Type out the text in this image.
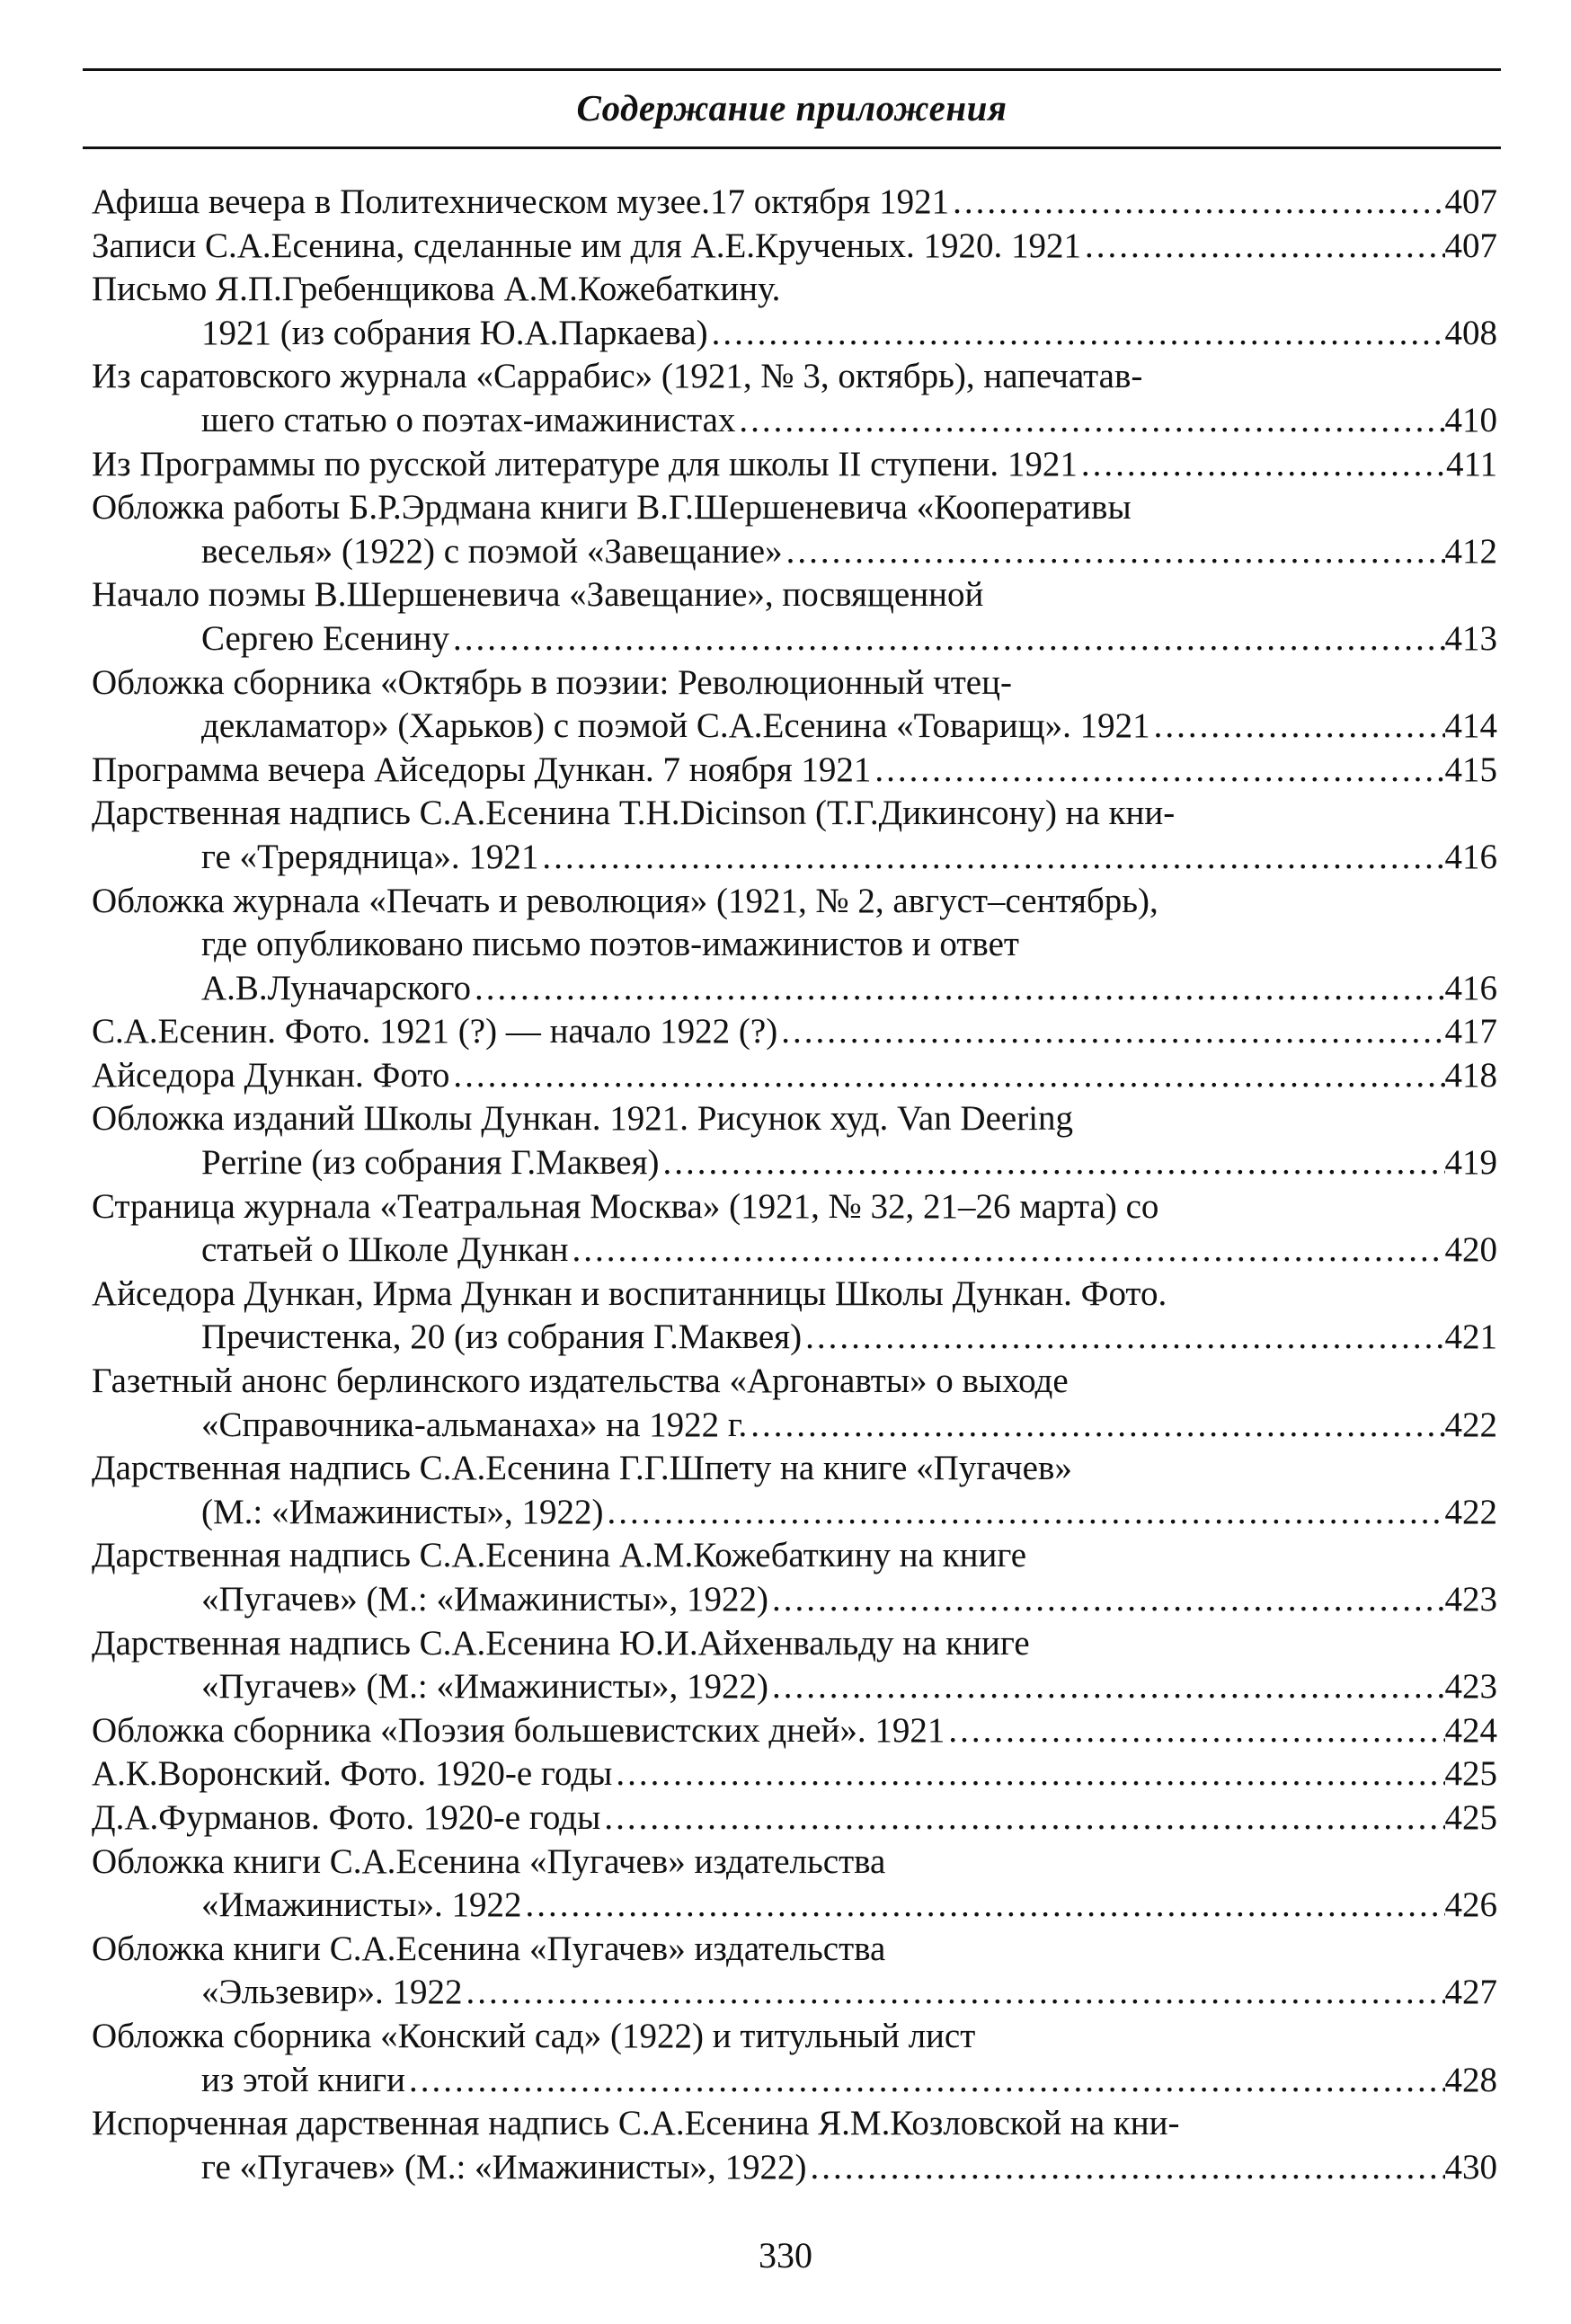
Содержание приложения
Афиша вечера в Политехническом музее.17 октября 1921 .....	407
Записи С.А.Есенина, сделанные им для А.Е.Крученых. 1920. 1921 .....	407
Письмо Я.П.Гребенщикова А.М.Кожебаткину.
1921 (из собрания Ю.А.Паркаева) .....	408
Из саратовского журнала «Саррабис» (1921, № 3, октябрь), напечатав-
шего статью о поэтах-имажинистах .....	410
Из Программы по русской литературе для школы II ступени. 1921 .....	411
Обложка работы Б.Р.Эрдмана книги В.Г.Шершеневича «Кооперативы
веселья» (1922) с поэмой «Завещание» .....	412
Начало поэмы В.Шершеневича «Завещание», посвященной
Сергею Есенину .....	413
Обложка сборника «Октябрь в поэзии: Революционный чтец-
декламатор» (Харьков) с поэмой С.А.Есенина «Товарищ». 1921 .....	414
Программа вечера Айседоры Дункан. 7 ноября 1921 .....	415
Дарственная надпись С.А.Есенина Т.Н.Dicinson (Т.Г.Дикинсону) на кни-
ге «Трерядница». 1921 .....	416
Обложка журнала «Печать и революция» (1921, № 2, август–сентябрь),
где опубликовано письмо поэтов-имажинистов и ответ
А.В.Луначарского .....	416
С.А.Есенин. Фото. 1921 (?) — начало 1922 (?) .....	417
Айседора Дункан. Фото .....	418
Обложка изданий Школы Дункан. 1921. Рисунок худ. Van Deering
Perrine (из собрания Г.Маквея) .....	419
Страница журнала «Театральная Москва» (1921, № 32, 21–26 марта) со
статьей о Школе Дункан .....	420
Айседора Дункан, Ирма Дункан и воспитанницы Школы Дункан. Фото.
Пречистенка, 20 (из собрания Г.Маквея) .....	421
Газетный анонс берлинского издательства «Аргонавты» о выходе
«Справочника-альманаха» на 1922 г. .....	422
Дарственная надпись С.А.Есенина Г.Г.Шпету на книге «Пугачев»
(М.: «Имажинисты», 1922) .....	422
Дарственная надпись С.А.Есенина А.М.Кожебаткину на книге
«Пугачев» (М.: «Имажинисты», 1922) .....	423
Дарственная надпись С.А.Есенина Ю.И.Айхенвальду на книге
«Пугачев» (М.: «Имажинисты», 1922) .....	423
Обложка сборника «Поэзия большевистских дней». 1921 .....	424
А.К.Воронский. Фото. 1920-е годы .....	425
Д.А.Фурманов. Фото. 1920-е годы .....	425
Обложка книги С.А.Есенина «Пугачев» издательства
«Имажинисты». 1922 .....	426
Обложка книги С.А.Есенина «Пугачев» издательства
«Эльзевир». 1922 .....	427
Обложка сборника «Конский сад» (1922) и титульный лист
из этой книги .....	428
Испорченная дарственная надпись С.А.Есенина Я.М.Козловской на кни-
ге «Пугачев» (М.: «Имажинисты», 1922) .....	430
330
